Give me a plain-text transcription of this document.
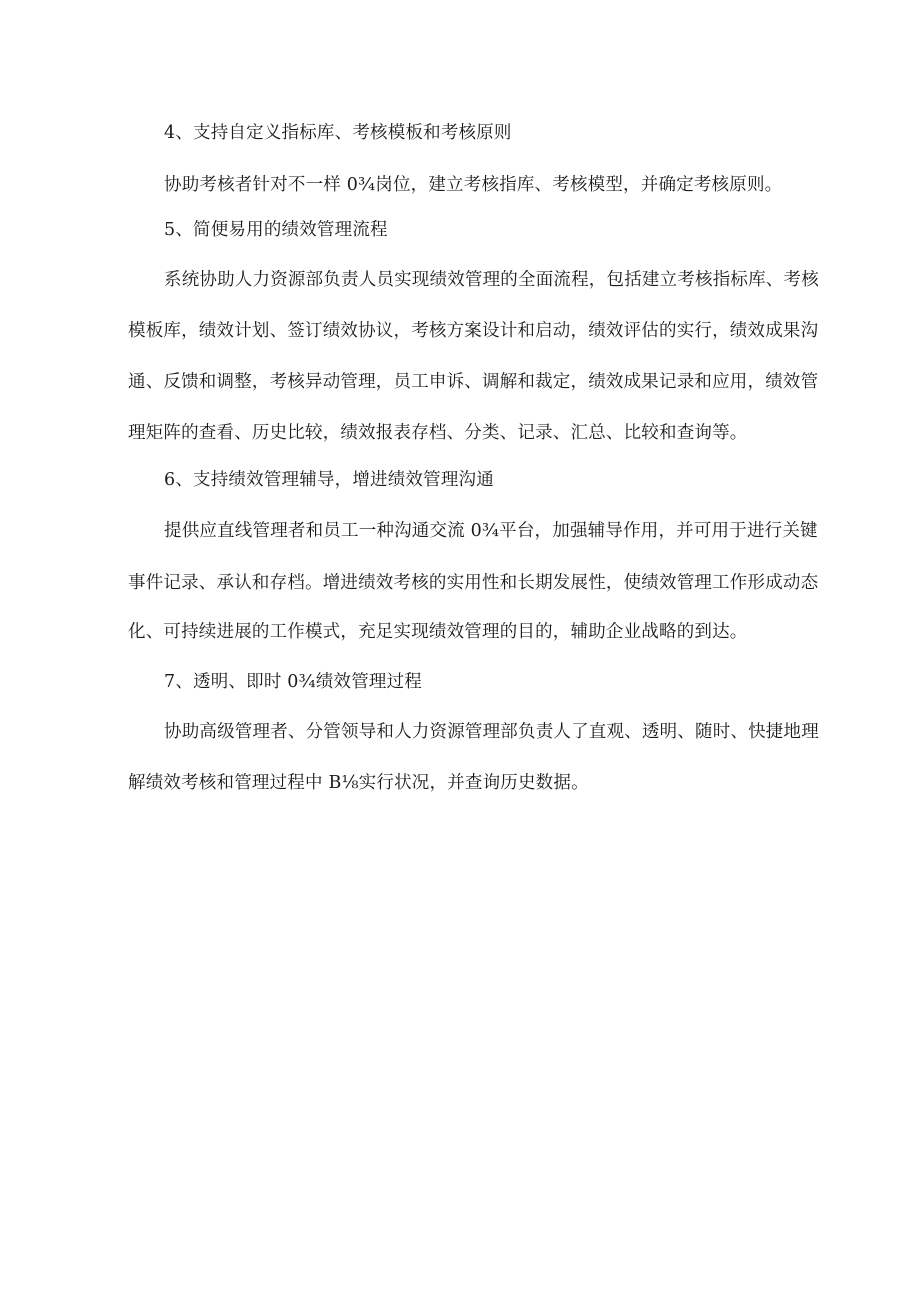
4、支持自定义指标库、考核模板和考核原则
协助考核者针对不一样 0¾岗位，建立考核指库、考核模型，并确定考核原则。
5、简便易用的绩效管理流程
系统协助人力资源部负责人员实现绩效管理的全面流程，包括建立考核指标库、考核
模板库，绩效计划、签订绩效协议，考核方案设计和启动，绩效评估的实行，绩效成果沟
通、反馈和调整，考核异动管理，员工申诉、调解和裁定，绩效成果记录和应用，绩效管
理矩阵的查看、历史比较，绩效报表存档、分类、记录、汇总、比较和查询等。
6、支持绩效管理辅导，增进绩效管理沟通
提供应直线管理者和员工一种沟通交流 0¾平台，加强辅导作用，并可用于进行关键
事件记录、承认和存档。增进绩效考核的实用性和长期发展性，使绩效管理工作形成动态
化、可持续进展的工作模式，充足实现绩效管理的目的，辅助企业战略的到达。
7、透明、即时 0¾绩效管理过程
协助高级管理者、分管领导和人力资源管理部负责人了直观、透明、随时、快捷地理
解绩效考核和管理过程中 B⅛实行状况，并查询历史数据。
